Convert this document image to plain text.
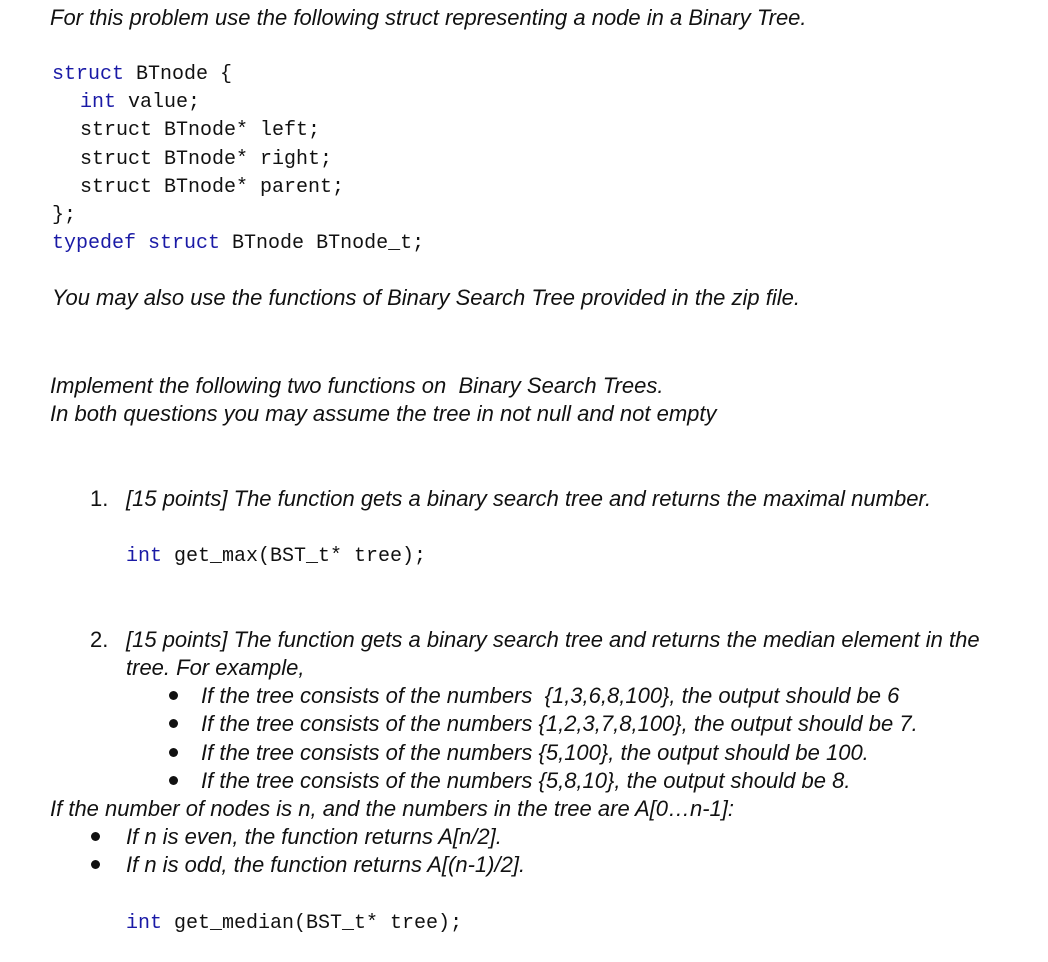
For this problem use the following struct representing a node in a Binary Tree.
struct BTnode {
int value;
struct BTnode* left;
struct BTnode* right;
struct BTnode* parent;
};
typedef struct BTnode BTnode_t;
You may also use the functions of Binary Search Tree provided in the zip file.
Implement the following two functions on  Binary Search Trees.
In both questions you may assume the tree in not null and not empty
1. [15 points] The function gets a binary search tree and returns the maximal number.
int get_max(BST_t* tree);
2. [15 points] The function gets a binary search tree and returns the median element in the
tree. For example,
If the tree consists of the numbers  {1,3,6,8,100}, the output should be 6
If the tree consists of the numbers {1,2,3,7,8,100}, the output should be 7.
If the tree consists of the numbers {5,100}, the output should be 100.
If the tree consists of the numbers {5,8,10}, the output should be 8.
If the number of nodes is n, and the numbers in the tree are A[0…n-1]:
If n is even, the function returns A[n/2].
If n is odd, the function returns A[(n-1)/2].
int get_median(BST_t* tree);
